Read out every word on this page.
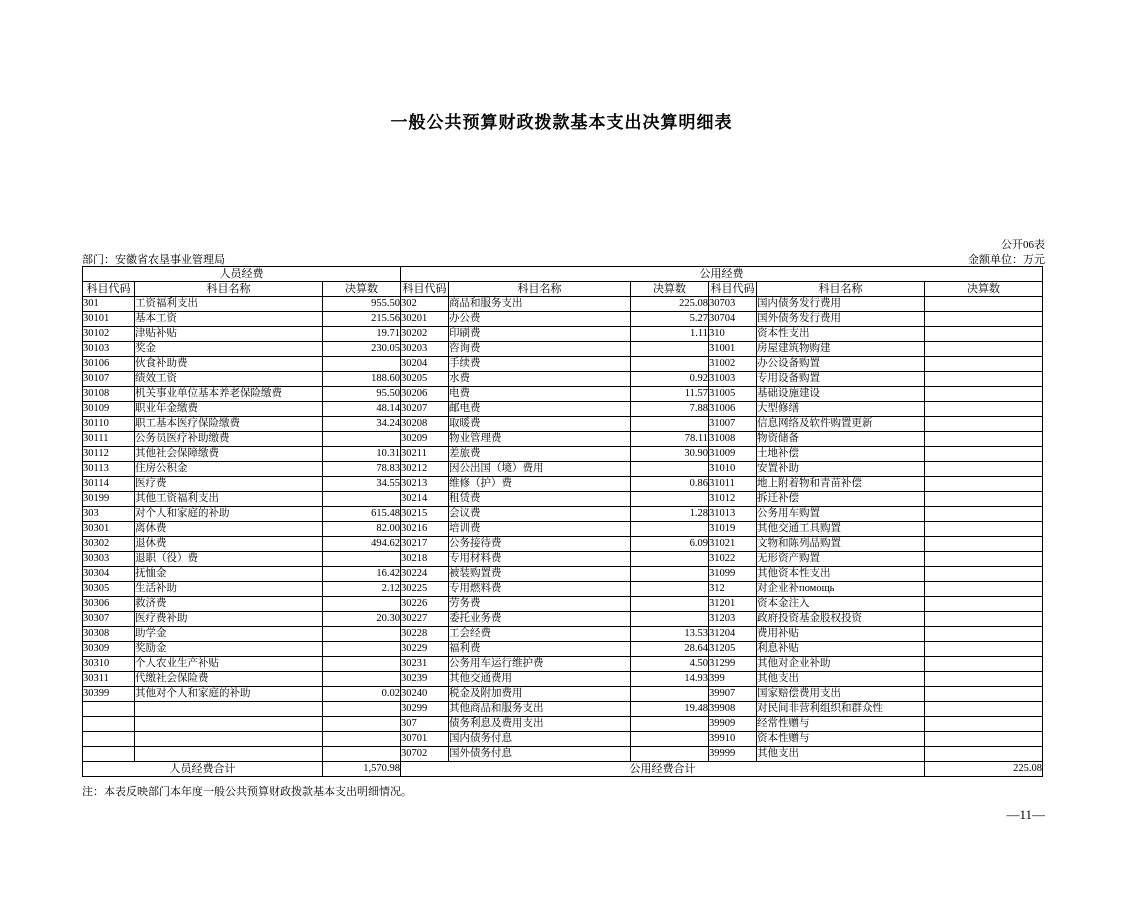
一般公共预算财政拨款基本支出决算明细表
公开06表
金额单位：万元
部门：安徽省农垦事业管理局
人员经费			公用经费					
科目代码	科目名称	决算数	科目代码	科目名称	决算数	科目代码	科目名称	决算数
301	工资福利支出	955.50	302	商品和服务支出	225.08	30703	国内债务发行费用	
30101	基本工资	215.56	30201	办公费	5.27	30704	国外债务发行费用	
30102	津贴补贴	19.71	30202	印刷费	1.11	310	资本性支出	
30103	奖金	230.05	30203	咨询费		31001	房屋建筑物购建	
30106	伙食补助费		30204	手续费		31002	办公设备购置	
30107	绩效工资	188.60	30205	水费	0.92	31003	专用设备购置	
30108	机关事业单位基本养老保险缴费	95.50	30206	电费	11.57	31005	基础设施建设	
30109	职业年金缴费	48.14	30207	邮电费	7.88	31006	大型修缮	
30110	职工基本医疗保险缴费	34.24	30208	取暖费		31007	信息网络及软件购置更新	
30111	公务员医疗补助缴费		30209	物业管理费	78.11	31008	物资储备	
30112	其他社会保障缴费	10.31	30211	差旅费	30.90	31009	土地补偿	
30113	住房公积金	78.83	30212	因公出国（境）费用		31010	安置补助	
30114	医疗费	34.55	30213	维修（护）费	0.86	31011	地上附着物和青苗补偿	
30199	其他工资福利支出		30214	租赁费		31012	拆迁补偿	
303	对个人和家庭的补助	615.48	30215	会议费	1.28	31013	公务用车购置	
30301	离休费	82.00	30216	培训费		31019	其他交通工具购置	
30302	退休费	494.62	30217	公务接待费	6.09	31021	文物和陈列品购置	
30303	退职（役）费		30218	专用材料费		31022	无形资产购置	
30304	抚恤金	16.42	30224	被装购置费		31099	其他资本性支出	
30305	生活补助	2.12	30225	专用燃料费		312	对企业补помощь	
30306	救济费		30226	劳务费		31201	资本金注入	
30307	医疗费补助	20.30	30227	委托业务费		31203	政府投资基金股权投资	
30308	助学金		30228	工会经费	13.53	31204	费用补贴	
30309	奖励金		30229	福利费	28.64	31205	利息补贴	
30310	个人农业生产补贴		30231	公务用车运行维护费	4.50	31299	其他对企业补助	
30311	代缴社会保险费		30239	其他交通费用	14.93	399	其他支出	
30399	其他对个人和家庭的补助	0.02	30240	税金及附加费用		39907	国家赔偿费用支出	
			30299	其他商品和服务支出	19.48	39908	对民间非营利组织和群众性	
			307	债务利息及费用支出		39909	经常性赠与	
			30701	国内债务付息		39910	资本性赠与	
			30702	国外债务付息		39999	其他支出	
人员经费合计		1,570.98	公用经费合计					225.08
注：本表反映部门本年度一般公共预算财政拨款基本支出明细情况。
—11—
